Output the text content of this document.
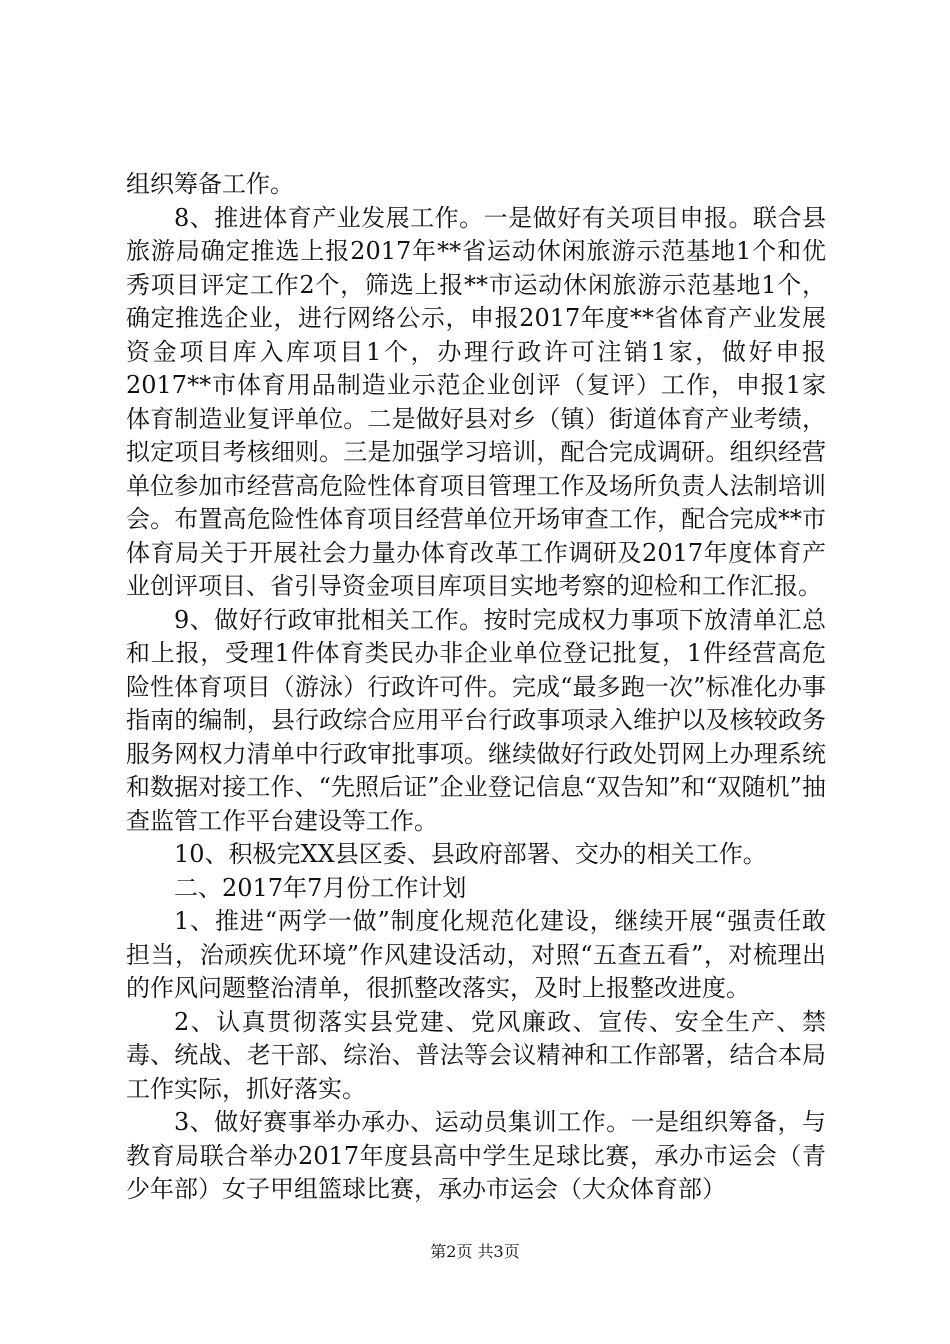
组织筹备工作。

8、推进体育产业发展工作。一是做好有关项目申报。联合县旅游局确定推选上报2017年**省运动休闲旅游示范基地1个和优秀项目评定工作2个，筛选上报**市运动休闲旅游示范基地1个，确定推选企业，进行网络公示，申报2017年度**省体育产业发展资金项目库入库项目1个，办理行政许可注销1家，做好申报2017**市体育用品制造业示范企业创评（复评）工作，申报1家体育制造业复评单位。二是做好县对乡（镇）街道体育产业考绩，拟定项目考核细则。三是加强学习培训，配合完成调研。组织经营单位参加市经营高危险性体育项目管理工作及场所负责人法制培训会。布置高危险性体育项目经营单位开场审查工作，配合完成**市体育局关于开展社会力量办体育改革工作调研及2017年度体育产业创评项目、省引导资金项目库项目实地考察的迎检和工作汇报。

9、做好行政审批相关工作。按时完成权力事项下放清单汇总和上报，受理1件体育类民办非企业单位登记批复，1件经营高危险性体育项目（游泳）行政许可件。完成“最多跑一次”标准化办事指南的编制，县行政综合应用平台行政事项录入维护以及核较政务服务网权力清单中行政审批事项。继续做好行政处罚网上办理系统和数据对接工作、“先照后证”企业登记信息“双告知”和“双随机”抽查监管工作平台建设等工作。

10、积极完XX县区委、县政府部署、交办的相关工作。

二、2017年7月份工作计划

1、推进“两学一做”制度化规范化建设，继续开展“强责任敢担当，治顽疾优环境”作风建设活动，对照“五查五看”，对梳理出的作风问题整治清单，很抓整改落实，及时上报整改进度。

2、认真贯彻落实县党建、党风廉政、宣传、安全生产、禁毒、统战、老干部、综治、普法等会议精神和工作部署，结合本局工作实际，抓好落实。

3、做好赛事举办承办、运动员集训工作。一是组织筹备，与教育局联合举办2017年度县高中学生足球比赛，承办市运会（青少年部）女子甲组篮球比赛，承办市运会（大众体育部）

第2页 共3页
